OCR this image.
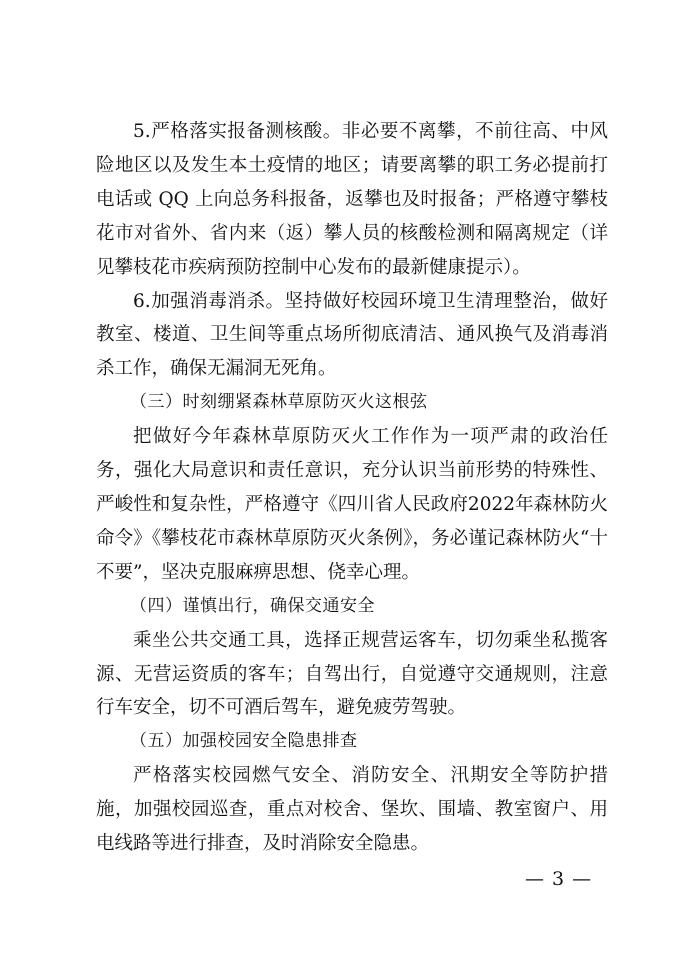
5.严格落实报备测核酸。非必要不离攀，不前往高、中风险地区以及发生本土疫情的地区；请要离攀的职工务必提前打电话或 QQ 上向总务科报备，返攀也及时报备；严格遵守攀枝花市对省外、省内来（返）攀人员的核酸检测和隔离规定（详见攀枝花市疾病预防控制中心发布的最新健康提示）。

6.加强消毒消杀。坚持做好校园环境卫生清理整治，做好教室、楼道、卫生间等重点场所彻底清洁、通风换气及消毒消杀工作，确保无漏洞无死角。

（三）时刻绷紧森林草原防灭火这根弦

把做好今年森林草原防灭火工作作为一项严肃的政治任务，强化大局意识和责任意识，充分认识当前形势的特殊性、严峻性和复杂性，严格遵守《四川省人民政府2022年森林防火命令》《攀枝花市森林草原防灭火条例》，务必谨记森林防火“十不要”，坚决克服麻痹思想、侥幸心理。

（四）谨慎出行，确保交通安全

乘坐公共交通工具，选择正规营运客车，切勿乘坐私揽客源、无营运资质的客车；自驾出行，自觉遵守交通规则，注意行车安全，切不可酒后驾车，避免疲劳驾驶。

（五）加强校园安全隐患排查

严格落实校园燃气安全、消防安全、汛期安全等防护措施，加强校园巡查，重点对校舍、堡坎、围墙、教室窗户、用电线路等进行排查，及时消除安全隐患。

— 3 —
